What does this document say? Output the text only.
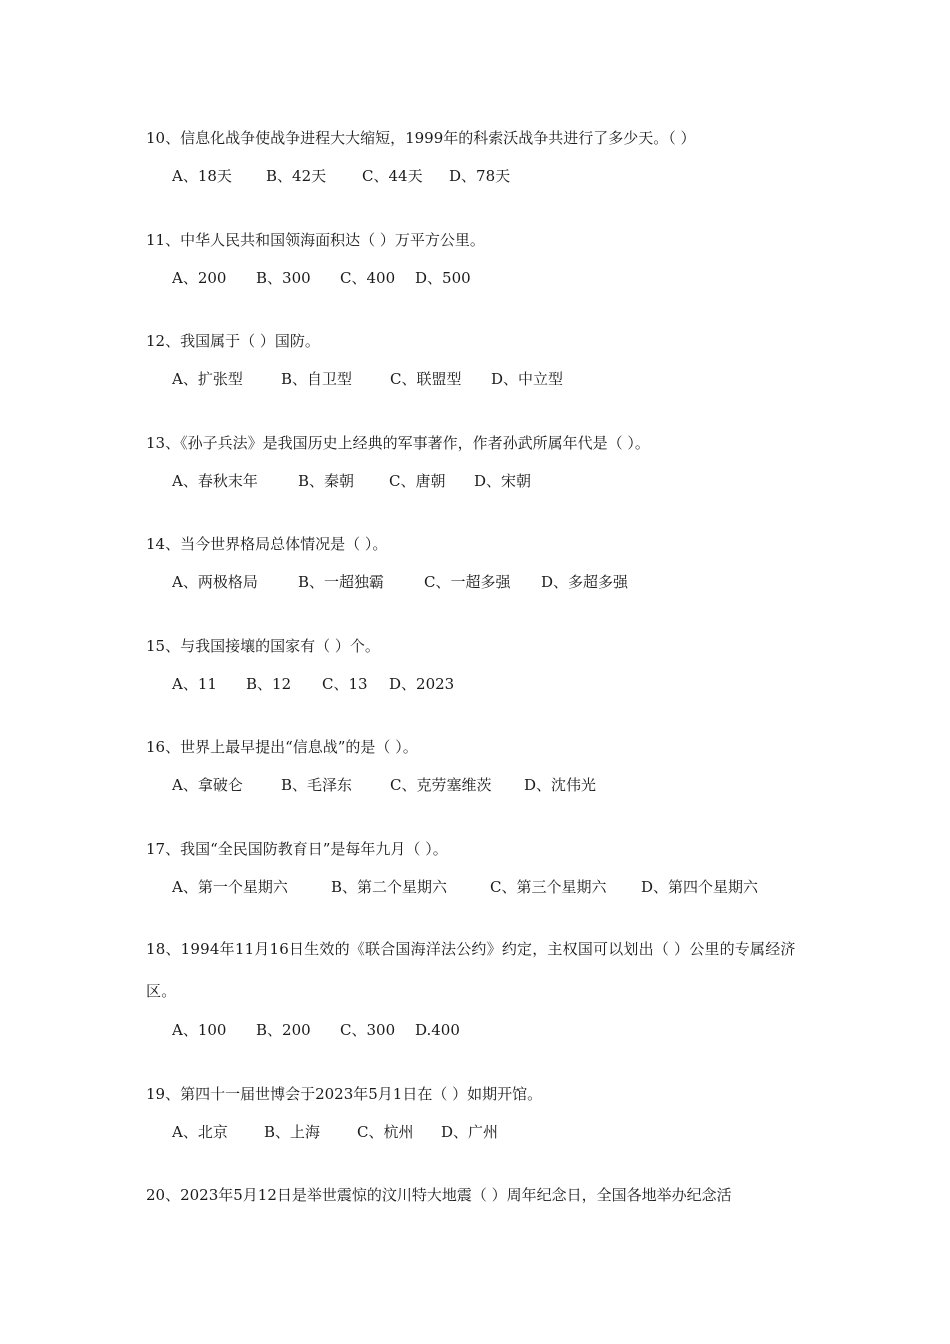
10、信息化战争使战争进程大大缩短，1999年的科索沃战争共进行了多少天。（ ）
A、18天 B、42天 C、44天 D、78天
11、中华人民共和国领海面积达（ ）万平方公里。
A、200 B、300 C、400 D、500
12、我国属于（ ）国防。
A、扩张型	B、自卫型	C、联盟型 D、中立型
13、《孙子兵法》是我国历史上经典的军事著作，作者孙武所属年代是（ ）。
A、春秋末年	B、秦朝 C、唐朝 D、宋朝
14、当今世界格局总体情况是（ ）。
A、两极格局	B、一超独霸	C、一超多强 D、多超多强
15、与我国接壤的国家有（ ）个。
A、11 B、12 C、13 D、2023
16、世界上最早提出“信息战”的是（ ）。
A、拿破仑	B、毛泽东	C、克劳塞维茨 D、沈伟光
17、我国“全民国防教育日”是每年九月（ ）。
A、第一个星期六	B、第二个星期六	C、第三个星期六 D、第四个星期六
18、1994年11月16日生效的《联合国海洋法公约》约定，主权国可以划出（ ）公里的专属经济区。
A、100 B、200 C、300 D.400
19、第四十一届世博会于2023年5月1日在（ ）如期开馆。
A、北京 B、上海 C、杭州 D、广州
20、2023年5月12日是举世震惊的汶川特大地震（ ）周年纪念日，全国各地举办纪念活
